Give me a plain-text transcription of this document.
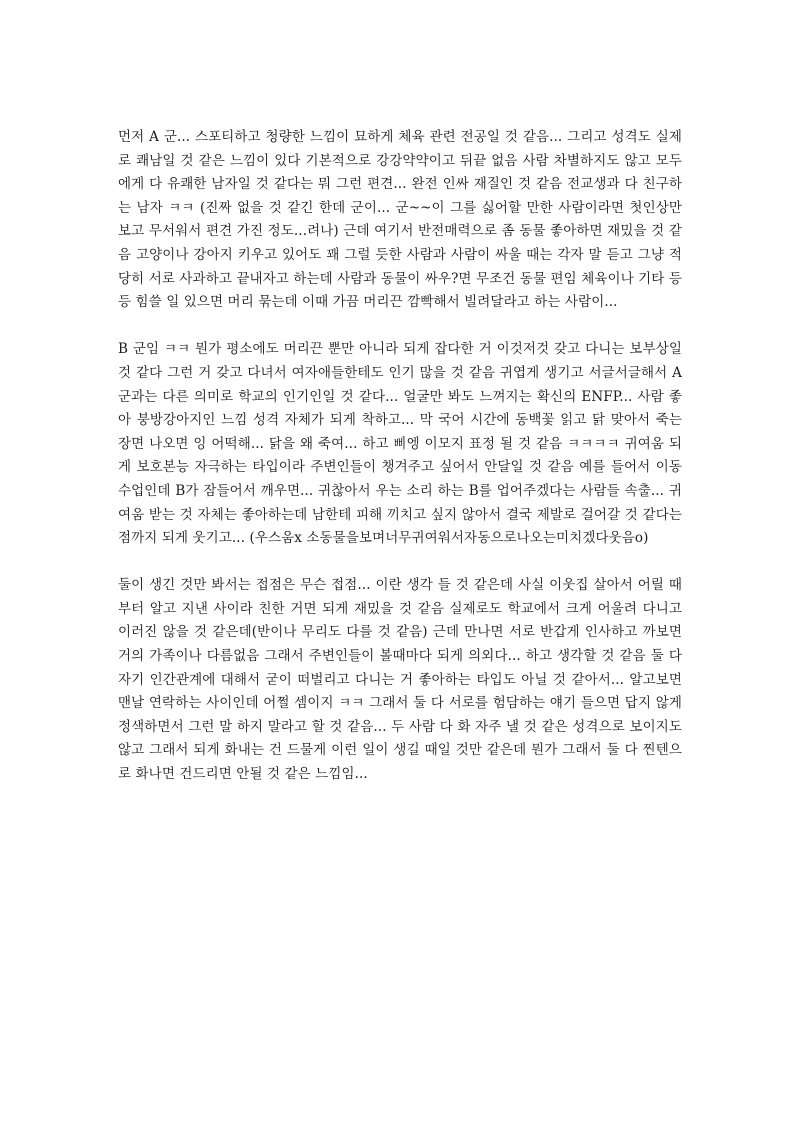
먼저 A 군... 스포티하고 청량한 느낌이 묘하게 체육 관련 전공일 것 같음... 그리고 성격도 실제로 쾌남일 것 같은 느낌이 있다 기본적으로 강강약약이고 뒤끝 없음 사람 차별하지도 않고 모두에게 다 유쾌한 남자일 것 같다는 뭐 그런 편견... 완전 인싸 재질인 것 같음 전교생과 다 친구하는 남자 ㅋㅋ (진짜 없을 것 같긴 한데 군이... 군~~이 그를 싫어할 만한 사람이라면 첫인상만 보고 무서워서 편견 가진 정도...려나) 근데 여기서 반전매력으로 좀 동물 좋아하면 재밌을 것 같음 고양이나 강아지 키우고 있어도 꽤 그럴 듯한 사람과 사람이 싸울 때는 각자 말 듣고 그냥 적당히 서로 사과하고 끝내자고 하는데 사람과 동물이 싸우?면 무조건 동물 편임 체육이나 기타 등등 힘쓸 일 있으면 머리 묶는데 이때 가끔 머리끈 깜빡해서 빌려달라고 하는 사람이...

B 군임 ㅋㅋ 뭔가 평소에도 머리끈 뿐만 아니라 되게 잡다한 거 이것저것 갖고 다니는 보부상일 것 같다 그런 거 갖고 다녀서 여자애들한테도 인기 많을 것 같음 귀엽게 생기고 서글서글해서 A 군과는 다른 의미로 학교의 인기인일 것 같다... 얼굴만 봐도 느껴지는 확신의 ENFP... 사람 좋아 붕방강아지인 느낌 성격 자체가 되게 착하고... 막 국어 시간에 동백꽃 읽고 닭 맞아서 죽는 장면 나오면 잉 어떡해... 닭을 왜 죽여... 하고 삐엥 이모지 표정 될 것 같음 ㅋㅋㅋㅋ 귀여움 되게 보호본능 자극하는 타입이라 주변인들이 챙겨주고 싶어서 안달일 것 같음 예를 들어서 이동수업인데 B가 잠들어서 깨우면... 귀찮아서 우는 소리 하는 B를 업어주겠다는 사람들 속출... 귀여움 받는 것 자체는 좋아하는데 남한테 피해 끼치고 싶지 않아서 결국 제발로 걸어갈 것 같다는 점까지 되게 웃기고... (우스움x 소동물을보며너무귀여워서자동으로나오는미치겠다웃음o)

둘이 생긴 것만 봐서는 접점은 무슨 접점... 이란 생각 들 것 같은데 사실 이웃집 살아서 어릴 때부터 알고 지낸 사이라 친한 거면 되게 재밌을 것 같음 실제로도 학교에서 크게 어울려 다니고 이러진 않을 것 같은데(반이나 무리도 다를 것 같음) 근데 만나면 서로 반갑게 인사하고 까보면 거의 가족이나 다름없음 그래서 주변인들이 볼때마다 되게 의외다... 하고 생각할 것 같음 둘 다 자기 인간관계에 대해서 굳이 떠벌리고 다니는 거 좋아하는 타입도 아닐 것 같아서... 알고보면 맨날 연락하는 사이인데 어쩔 셈이지 ㅋㅋ 그래서 둘 다 서로를 험담하는 얘기 들으면 답지 않게 정색하면서 그런 말 하지 말라고 할 것 같음... 두 사람 다 화 자주 낼 것 같은 성격으로 보이지도 않고 그래서 되게 화내는 건 드물게 이런 일이 생길 때일 것만 같은데 뭔가 그래서 둘 다 찐텐으로 화나면 건드리면 안될 것 같은 느낌임...
